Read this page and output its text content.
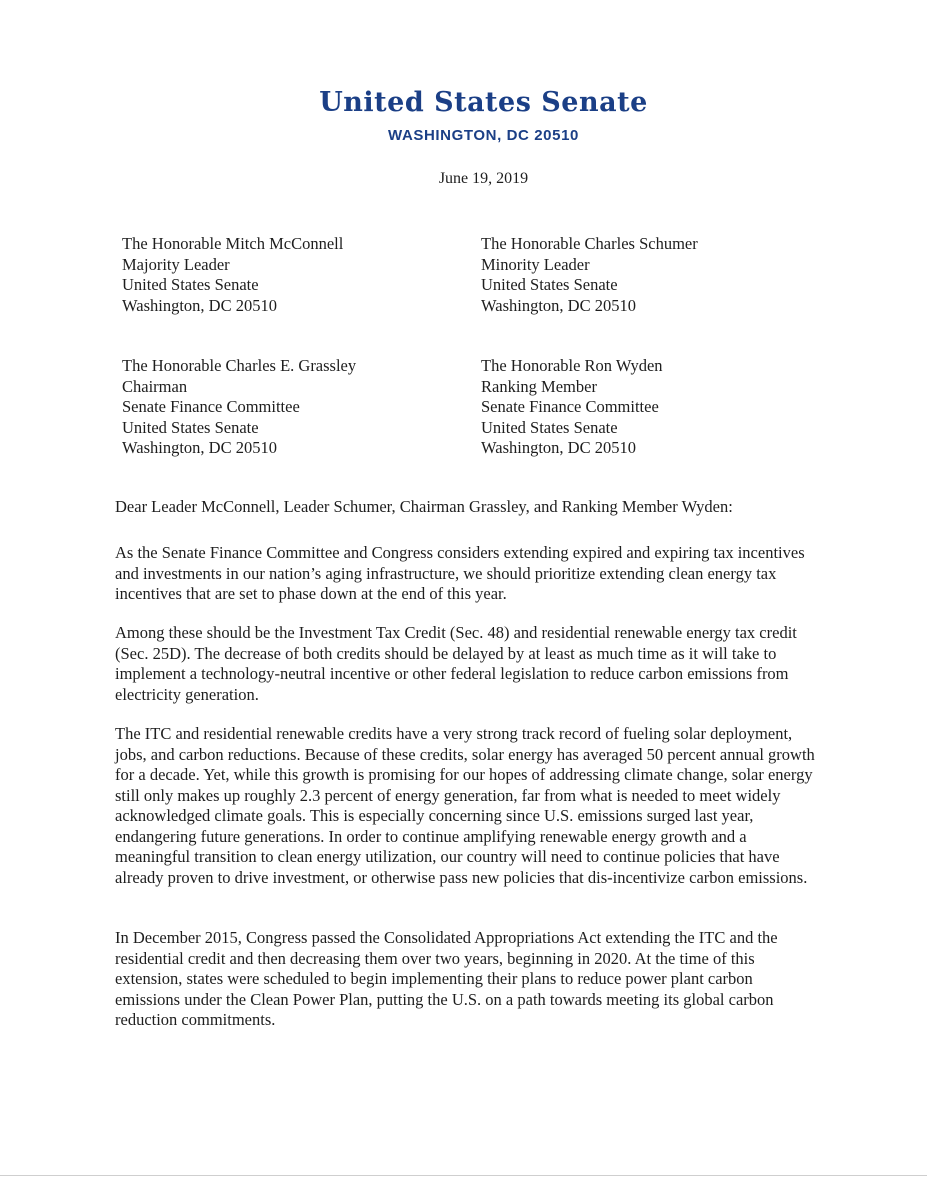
United States Senate
WASHINGTON, DC 20510
June 19, 2019
The Honorable Mitch McConnell
Majority Leader
United States Senate
Washington, DC 20510
The Honorable Charles Schumer
Minority Leader
United States Senate
Washington, DC 20510
The Honorable Charles E. Grassley
Chairman
Senate Finance Committee
United States Senate
Washington, DC 20510
The Honorable Ron Wyden
Ranking Member
Senate Finance Committee
United States Senate
Washington, DC 20510
Dear Leader McConnell, Leader Schumer, Chairman Grassley, and Ranking Member Wyden:

As the Senate Finance Committee and Congress considers extending expired and expiring tax incentives and investments in our nation’s aging infrastructure, we should prioritize extending clean energy tax incentives that are set to phase down at the end of this year.

Among these should be the Investment Tax Credit (Sec. 48) and residential renewable energy tax credit (Sec. 25D). The decrease of both credits should be delayed by at least as much time as it will take to implement a technology-neutral incentive or other federal legislation to reduce carbon emissions from electricity generation.

The ITC and residential renewable credits have a very strong track record of fueling solar deployment, jobs, and carbon reductions. Because of these credits, solar energy has averaged 50 percent annual growth for a decade. Yet, while this growth is promising for our hopes of addressing climate change, solar energy still only makes up roughly 2.3 percent of energy generation, far from what is needed to meet widely acknowledged climate goals. This is especially concerning since U.S. emissions surged last year, endangering future generations. In order to continue amplifying renewable energy growth and a meaningful transition to clean energy utilization, our country will need to continue policies that have already proven to drive investment, or otherwise pass new policies that dis-incentivize carbon emissions.

In December 2015, Congress passed the Consolidated Appropriations Act extending the ITC and the residential credit and then decreasing them over two years, beginning in 2020. At the time of this extension, states were scheduled to begin implementing their plans to reduce power plant carbon emissions under the Clean Power Plan, putting the U.S. on a path towards meeting its global carbon reduction commitments.
